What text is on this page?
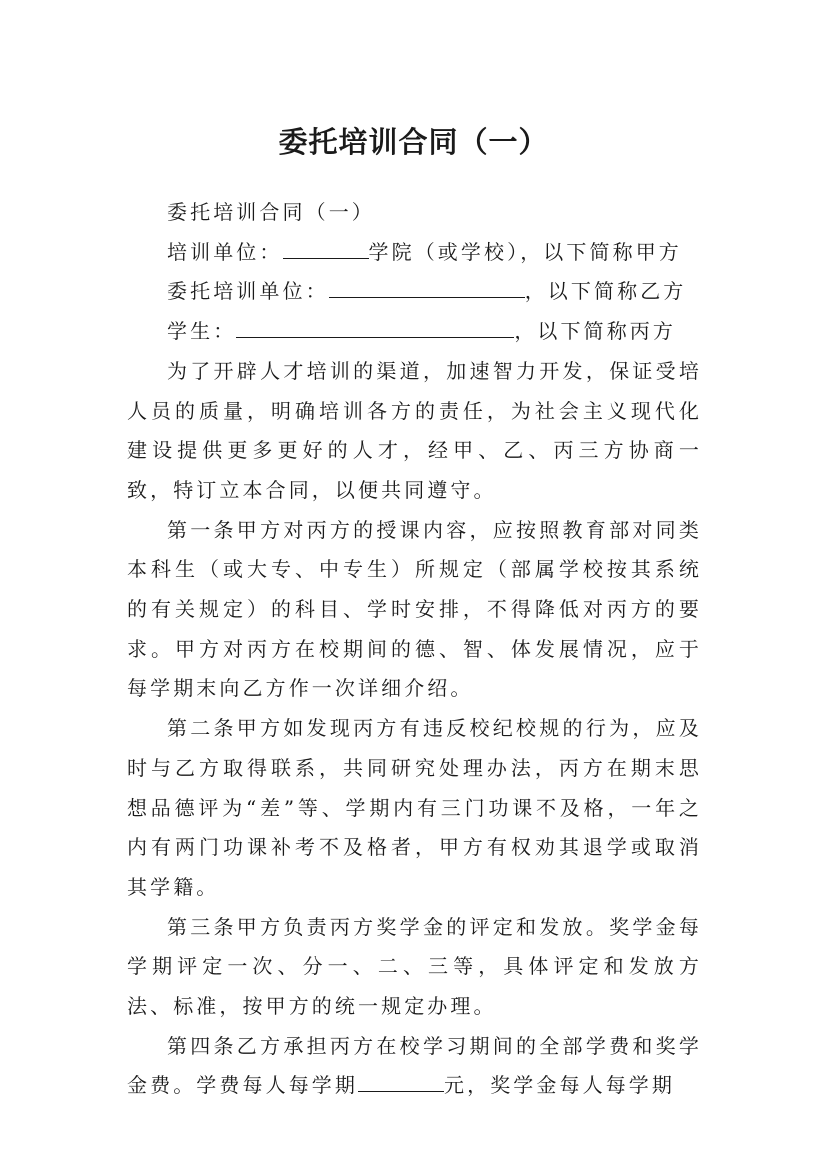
委托培训合同（一）

委托培训合同（一）

培训单位：	学院（或学校），以下简称甲方

委托培训单位：	，以下简称乙方

学生：	，以下简称丙方

为了开辟人才培训的渠道，加速智力开发，保证受培人员的质量，明确培训各方的责任，为社会主义现代化建设提供更多更好的人才，经甲、乙、丙三方协商一致，特订立本合同，以便共同遵守。

第一条甲方对丙方的授课内容，应按照教育部对同类本科生（或大专、中专生）所规定（部属学校按其系统的有关规定）的科目、学时安排，不得降低对丙方的要求。甲方对丙方在校期间的德、智、体发展情况，应于每学期末向乙方作一次详细介绍。

第二条甲方如发现丙方有违反校纪校规的行为，应及时与乙方取得联系，共同研究处理办法，丙方在期末思想品德评为“差”等、学期内有三门功课不及格，一年之内有两门功课补考不及格者，甲方有权劝其退学或取消其学籍。

第三条甲方负责丙方奖学金的评定和发放。奖学金每学期评定一次、分一、二、三等，具体评定和发放方法、标准，按甲方的统一规定办理。

第四条乙方承担丙方在校学习期间的全部学费和奖学金费。学费每人每学期	元，奖学金每人每学期
